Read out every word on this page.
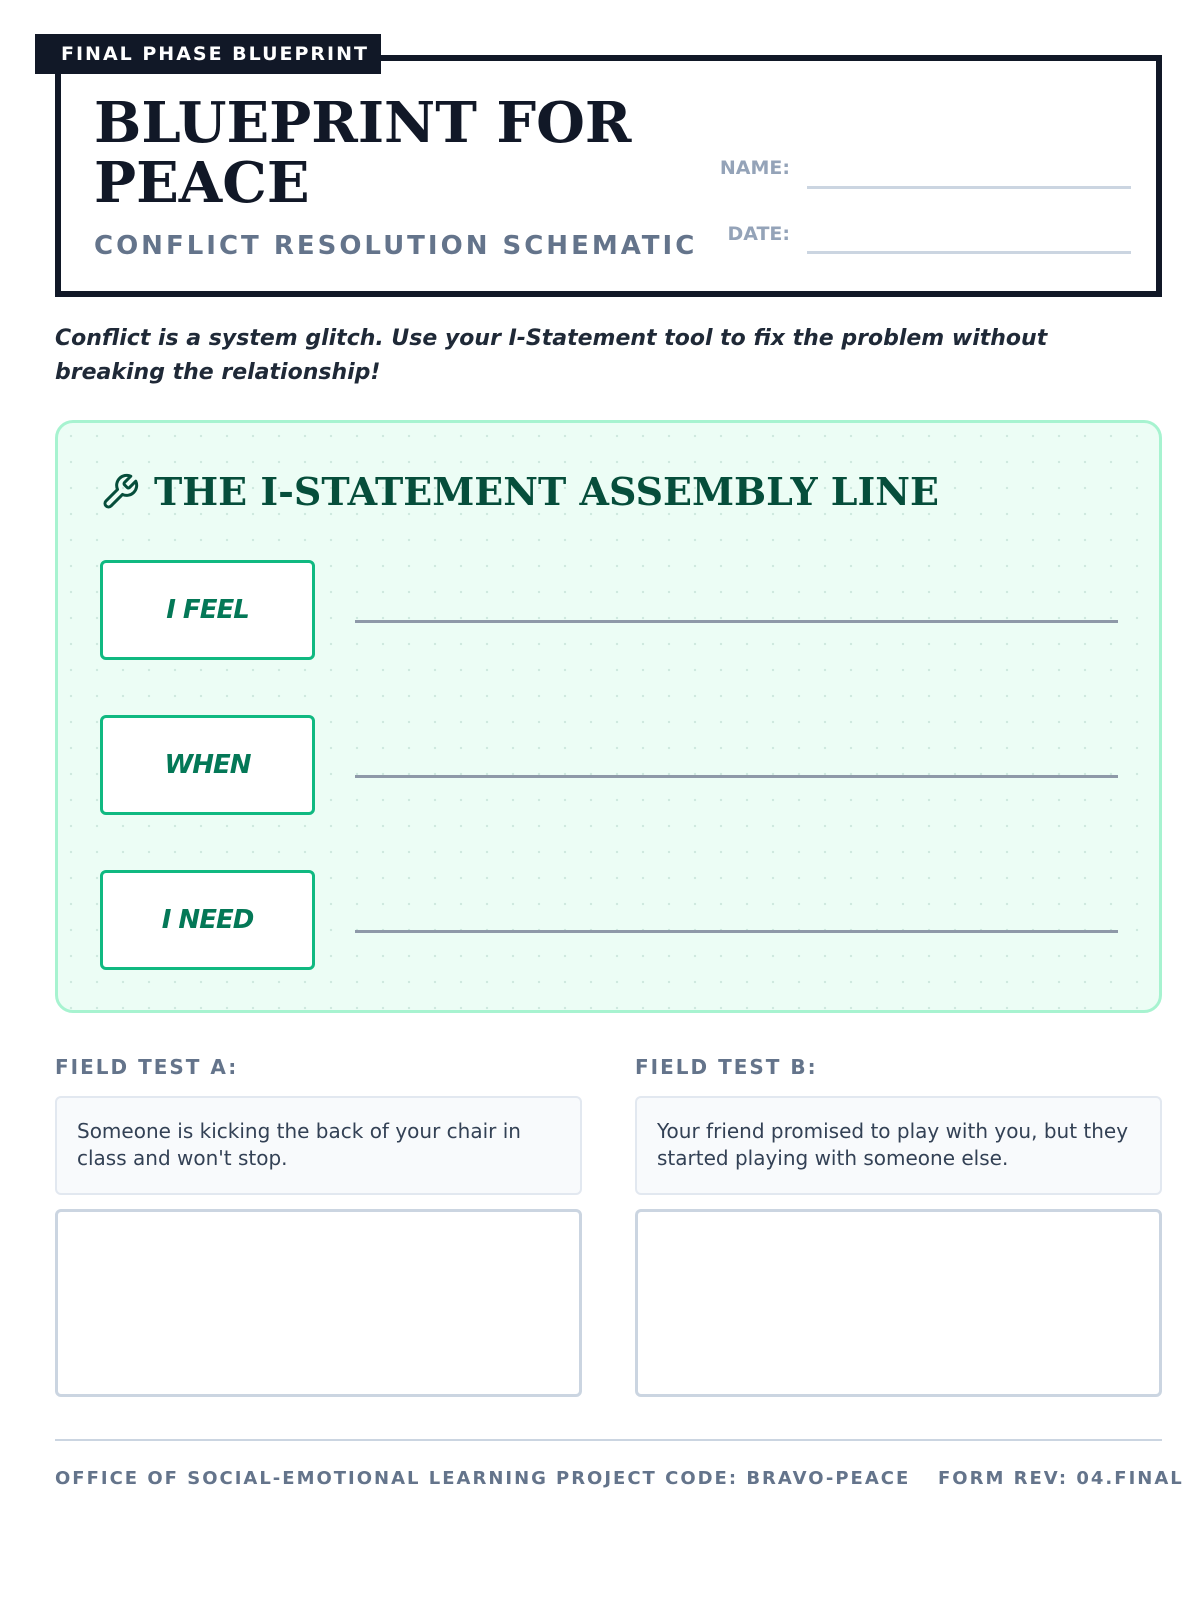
FINAL PHASE BLUEPRINT
BLUEPRINT FOR
PEACE
CONFLICT RESOLUTION SCHEMATIC
NAME:
DATE:
Conflict is a system glitch. Use your I-Statement tool to fix the problem without breaking the relationship!
THE I-STATEMENT ASSEMBLY LINE
I FEEL
WHEN
I NEED
FIELD TEST A:
Someone is kicking the back of your chair in class and won't stop.
FIELD TEST B:
Your friend promised to play with you, but they started playing with someone else.
OFFICE OF SOCIAL-EMOTIONAL LEARNING PROJECT CODE: BRAVO-PEACE FORM REV: 04.FINAL
